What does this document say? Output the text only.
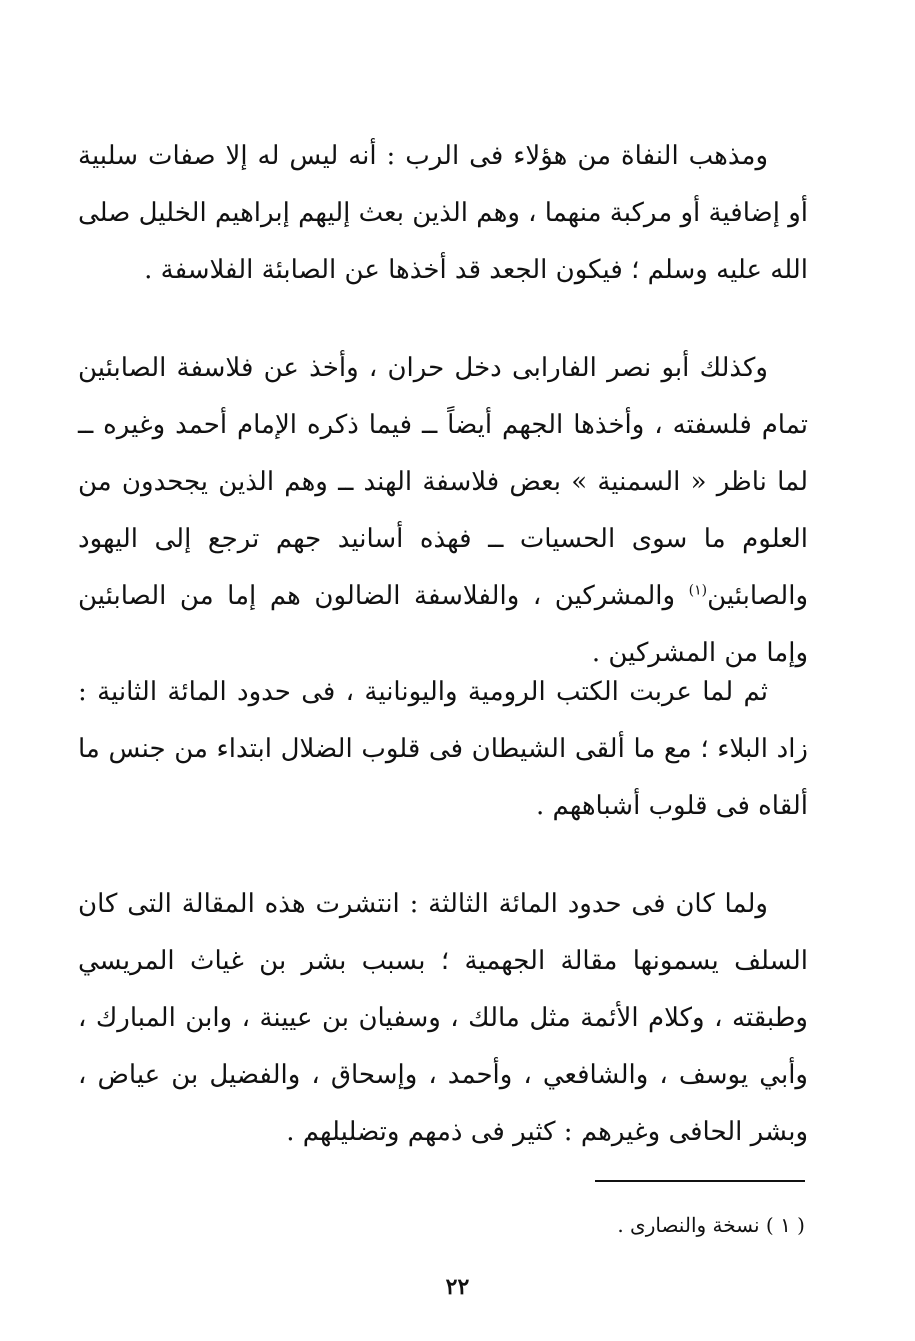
ومذهب النفاة من هؤلاء فى الرب : أنه ليس له إلا صفات سلبية أو إضافية أو مركبة منهما ، وهم الذين بعث إليهم إبراهيم الخليل صلى الله عليه وسلم ؛ فيكون الجعد قد أخذها عن الصابئة الفلاسفة .

وكذلك أبو نصر الفارابى دخل حران ، وأخذ عن فلاسفة الصابئين تمام فلسفته ، وأخذها الجهم أيضاً ــ فيما ذكره الإمام أحمد وغيره ــ لما ناظر « السمنية » بعض فلاسفة الهند ــ وهم الذين يجحدون من العلوم ما سوى الحسيات ــ فهذه أسانيد جهم ترجع إلى اليهود والصابئين$^{(١)}$ والمشركين ، والفلاسفة الضالون هم إما من الصابئين وإما من المشركين .

ثم لما عربت الكتب الرومية واليونانية ، فى حدود المائة الثانية : زاد البلاء ؛ مع ما ألقى الشيطان فى قلوب الضلال ابتداء من جنس ما ألقاه فى قلوب أشباههم .

ولما كان فى حدود المائة الثالثة : انتشرت هذه المقالة التى كان السلف يسمونها مقالة الجهمية ؛ بسبب بشر بن غياث المريسي وطبقته ، وكلام الأئمة مثل مالك ، وسفيان بن عيينة ، وابن المبارك ، وأبي يوسف ، والشافعي ، وأحمد ، وإسحاق ، والفضيل بن عياض ، وبشر الحافى وغيرهم : كثير فى ذمهم وتضليلهم .

( ١ ) نسخة والنصارى .
٢٢
